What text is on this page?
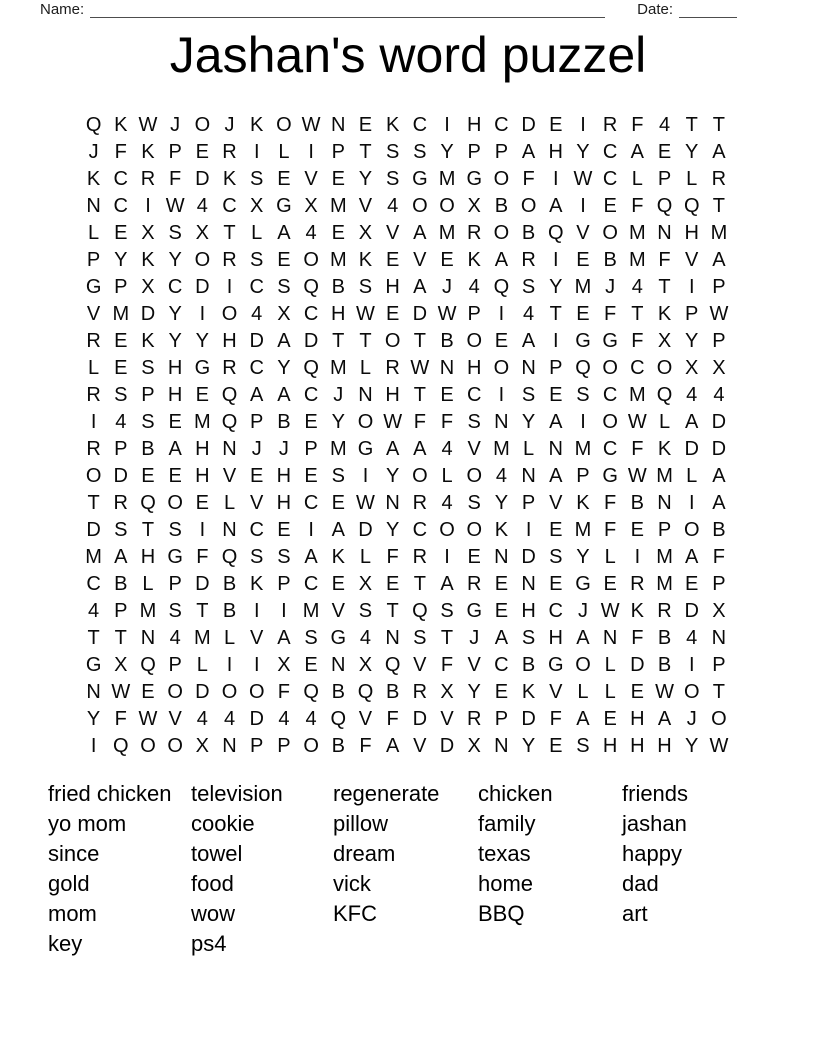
Name:	Date:
Jashan's word puzzel
Q K W J O J K O W N E K C I H C D E I R F 4 T T
J F K P E R I L I P T S S Y P P A H Y C A E Y A
K C R F D K S E V E Y S G M G O F I W C L P L R
N C I W 4 C X G X M V 4 O O X B O A I E F Q Q T
L E X S X T L A 4 E X V A M R O B Q V O M N H M
P Y K Y O R S E O M K E V E K A R I E B M F V A
G P X C D I C S Q B S H A J 4 Q S Y M J 4 T I P
V M D Y I O 4 X C H W E D W P I 4 T E F T K P W
R E K Y Y H D A D T T O T B O E A I G G F X Y P
L E S H G R C Y Q M L R W N H O N P Q O C O X X
R S P H E Q A A C J N H T E C I S E S C M Q 4 4
I 4 S E M Q P B E Y O W F F S N Y A I O W L A D
R P B A H N J J P M G A A 4 V M L N M C F K D D
O D E E H V E H E S I Y O L O 4 N A P G W M L A
T R Q O E L V H C E W N R 4 S Y P V K F B N I A
D S T S I N C E I A D Y C O O K I E M F E P O B
M A H G F Q S S A K L F R I E N D S Y L I M A F
C B L P D B K P C E X E T A R E N E G E R M E P
4 P M S T B I	I M V S T Q S G E H C J W K R D X
T T N 4 M L V A S G 4 N S T J A S H A N F B 4 N
G X Q P L I	I X E N X Q V F V C B G O L D B I P
N W E O D O O F Q B Q B R X Y E K V L L E W O T
Y F W V 4 4 D 4 4 Q V F D V R P D F A E H A J O
I Q O O X N P P O B F A V D X N Y E S H H H Y W
fried chicken
yo mom
since
gold
mom
key
television
cookie
towel
food
wow
ps4
regenerate
pillow
dream
vick
KFC
chicken
family
texas
home
BBQ
friends
jashan
happy
dad
art
